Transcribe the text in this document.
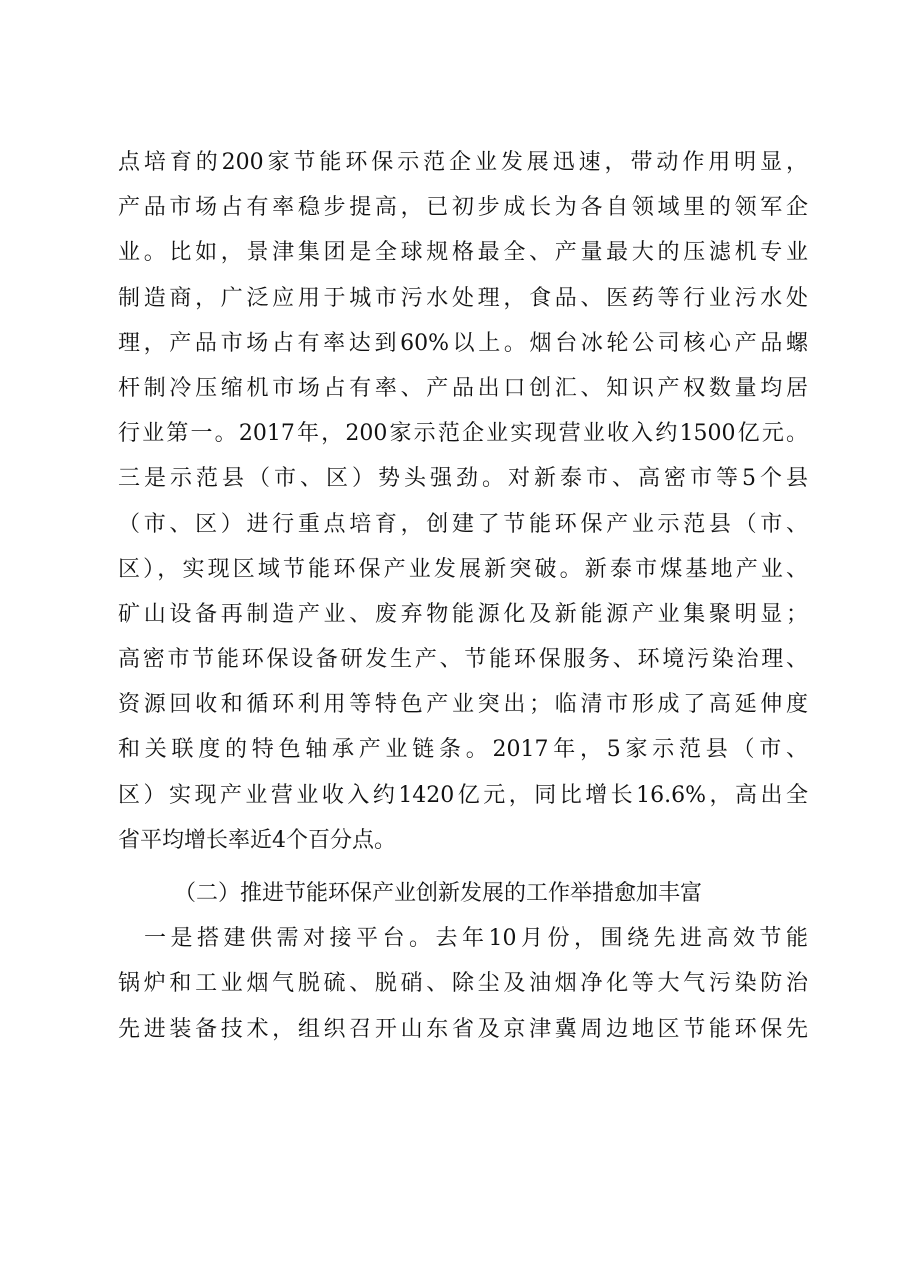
点培育的200家节能环保示范企业发展迅速，带动作用明显，
产品市场占有率稳步提高，已初步成长为各自领域里的领军企
业。比如，景津集团是全球规格最全、产量最大的压滤机专业
制造商，广泛应用于城市污水处理，食品、医药等行业污水处
理，产品市场占有率达到60%以上。烟台冰轮公司核心产品螺
杆制冷压缩机市场占有率、产品出口创汇、知识产权数量均居
行业第一。2017年，200家示范企业实现营业收入约1500亿元。
三是示范县（市、区）势头强劲。对新泰市、高密市等5个县
（市、区）进行重点培育，创建了节能环保产业示范县（市、
区），实现区域节能环保产业发展新突破。新泰市煤基地产业、
矿山设备再制造产业、废弃物能源化及新能源产业集聚明显；
高密市节能环保设备研发生产、节能环保服务、环境污染治理、
资源回收和循环利用等特色产业突出；临清市形成了高延伸度
和关联度的特色轴承产业链条。2017年，5家示范县（市、
区）实现产业营业收入约1420亿元，同比增长16.6%，高出全
省平均增长率近4个百分点。
（二）推进节能环保产业创新发展的工作举措愈加丰富
一是搭建供需对接平台。去年10月份，围绕先进高效节能
锅炉和工业烟气脱硫、脱硝、除尘及油烟净化等大气污染防治
先进装备技术，组织召开山东省及京津冀周边地区节能环保先
